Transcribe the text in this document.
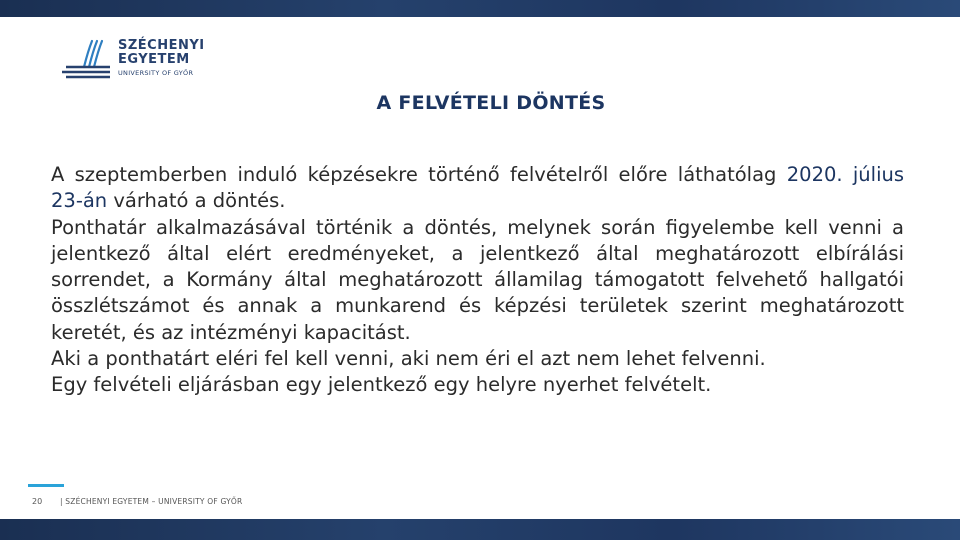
SZÉCHENYI
EGYETEM
UNIVERSITY OF GYŐR
A FELVÉTELI DÖNTÉS

A szeptemberben induló képzésekre történő felvételről előre láthatólag 2020. július 23-án várható a döntés.

Ponthatár alkalmazásával történik a döntés, melynek során figyelembe kell venni a jelentkező által elért eredményeket, a jelentkező által meghatározott elbírálási sorrendet, a Kormány által meghatározott államilag támogatott felvehető hallgatói összlétszámot és annak a munkarend és képzési területek szerint meghatározott keretét, és az intézményi kapacitást.

Aki a ponthatárt eléri fel kell venni, aki nem éri el azt nem lehet felvenni.

Egy felvételi eljárásban egy jelentkező egy helyre nyerhet felvételt.

20 | SZÉCHENYI EGYETEM – UNIVERSITY OF GYŐR
